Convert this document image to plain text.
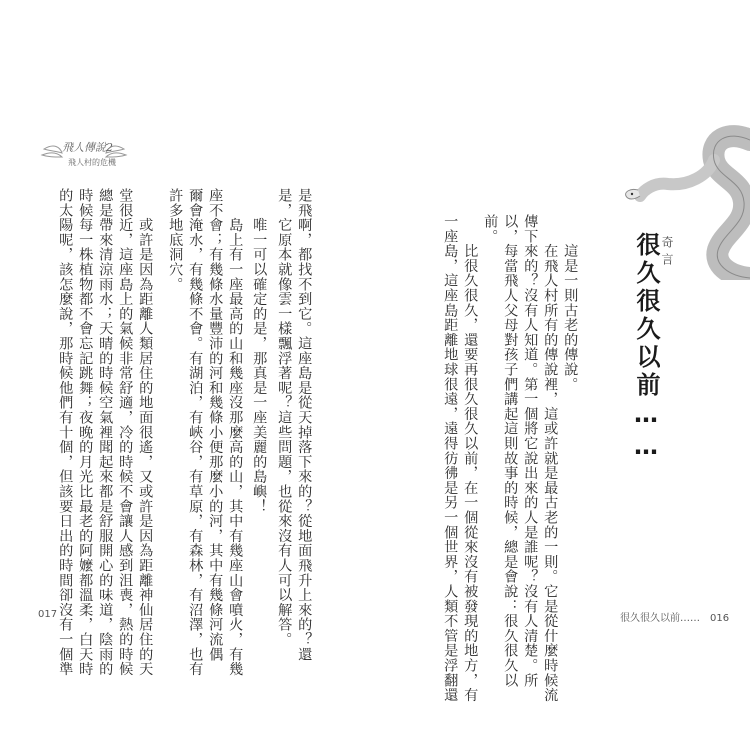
飛人傳說2
飛人村的危機
是飛啊，都找不到它。這座島是從天掉落下來的？從地面飛升上來的？還
是，它原本就像雲一樣飄浮著呢？這些問題，也從來沒有人可以解答。
　　唯一可以確定的是，那真是一座美麗的島嶼！
　　島上有一座最高的山和幾座沒那麼高的山，其中有幾座山會噴火，有幾
座不會；有幾條水量豐沛的河和幾條小便那麼小的河，其中有幾條河流偶
爾會淹水，有幾條不會。有湖泊，有峽谷，有草原，有森林，有沼澤，也有
許多地底洞穴。
　　或許是因為距離人類居住的地面很遙，又或許是因為距離神仙居住的天
堂很近，這座島上的氣候非常舒適，冷的時候不會讓人感到沮喪，熱的時候
總是帶來清涼雨水；天晴的時候空氣裡聞起來都是舒服開心的味道，陰雨的
時候每一株植物都不會忘記跳舞；夜晚的月光比最老的阿嬤都溫柔，白天時
的太陽呢，該怎麼說，那時候他們有十個，但該要日出的時間卻沒有一個準
017
奇言
很久很久以前……
　　這是一則古老的傳說。
　　在飛人村所有的傳說裡，這或許就是最古老的一則。它是從什麼時候流
傳下來的？沒有人知道。第一個將它說出來的人是誰呢？沒有人清楚。所
以，每當飛人父母對孩子們講起這則故事的時候，總是會說：很久很久以
前。
　　比很久很久，還要再很久很久以前，在一個從來沒有被發現的地方，有
一座島，這座島距離地球很遠，遠得彷彿是另一個世界，人類不管是浮翻還	很久很久以前……　016
